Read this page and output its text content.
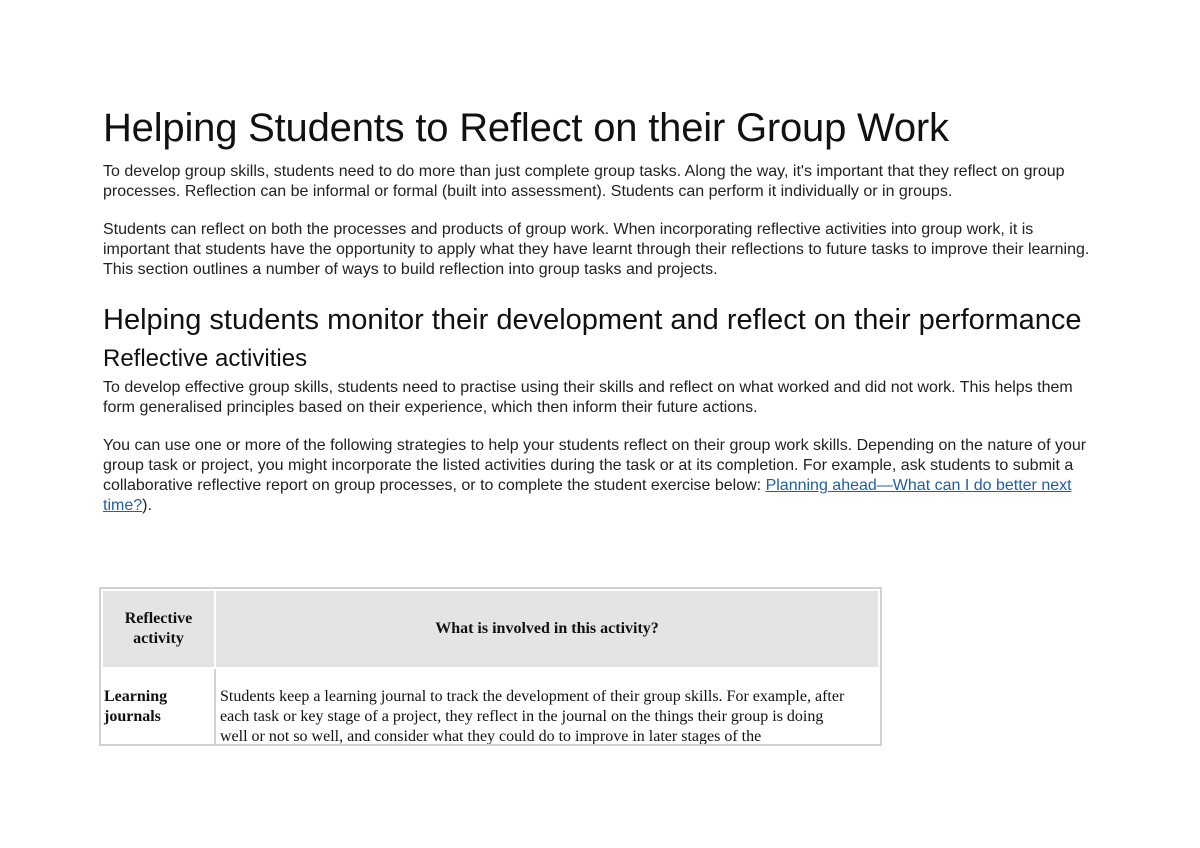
Helping Students to Reflect on their Group Work

To develop group skills, students need to do more than just complete group tasks. Along the way, it's important that they reflect on group processes. Reflection can be informal or formal (built into assessment). Students can perform it individually or in groups.

Students can reflect on both the processes and products of group work. When incorporating reflective activities into group work, it is important that students have the opportunity to apply what they have learnt through their reflections to future tasks to improve their learning. This section outlines a number of ways to build reflection into group tasks and projects.

Helping students monitor their development and reflect on their performance
Reflective activities

To develop effective group skills, students need to practise using their skills and reflect on what worked and did not work. This helps them form generalised principles based on their experience, which then inform their future actions.

You can use one or more of the following strategies to help your students reflect on their group work skills. Depending on the nature of your group task or project, you might incorporate the listed activities during the task or at its completion. For example, ask students to submit a collaborative reflective report on group processes, or to complete the student exercise below: Planning ahead—What can I do better next time?).

Reflective activity	What is involved in this activity?
Learning journals	Students keep a learning journal to track the development of their group skills. For example, after each task or key stage of a project, they reflect in the journal on the things their group is doing well or not so well, and consider what they could do to improve in later stages of the
